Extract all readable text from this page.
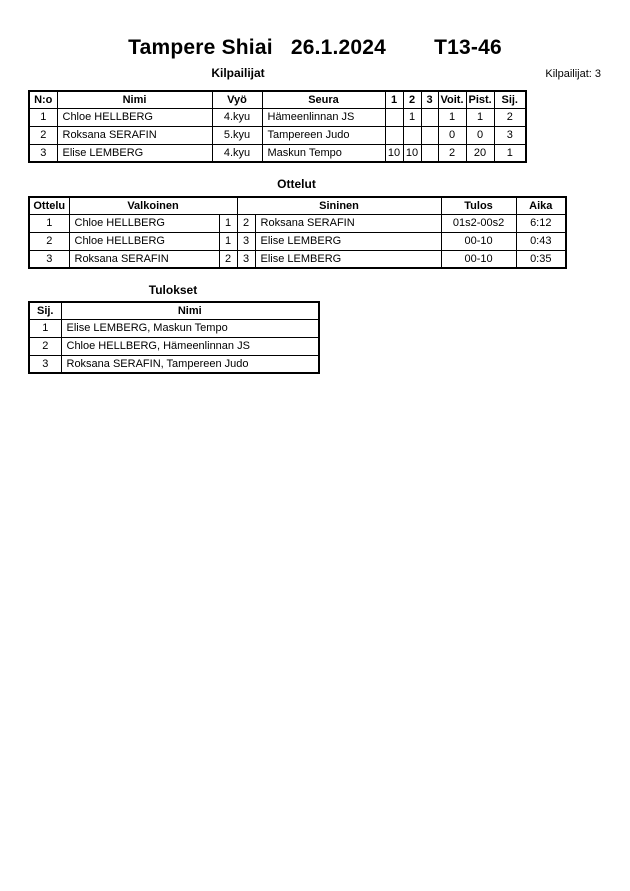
Tampere Shiai 26.1.2024 T13-46
Kilpailijat	Kilpailijat: 3
N:o	Nimi	Vyö	Seura	1	2	3	Voit.	Pist.	Sij.
1	Chloe HELLBERG	4.kyu	Hämeenlinnan JS		1		1	1	2
2	Roksana SERAFIN	5.kyu	Tampereen Judo				0	0	3
3	Elise LEMBERG	4.kyu	Maskun Tempo	10	10		2	20	1
Ottelut
Ottelu	Valkoinen		Sininen		Tulos	Aika
1	Chloe HELLBERG	1	2	Roksana SERAFIN	01s2-00s2	6:12
2	Chloe HELLBERG	1	3	Elise LEMBERG	00-10	0:43
3	Roksana SERAFIN	2	3	Elise LEMBERG	00-10	0:35
Tulokset
Sij.	Nimi
1	Elise LEMBERG, Maskun Tempo
2	Chloe HELLBERG, Hämeenlinnan JS
3	Roksana SERAFIN, Tampereen Judo
